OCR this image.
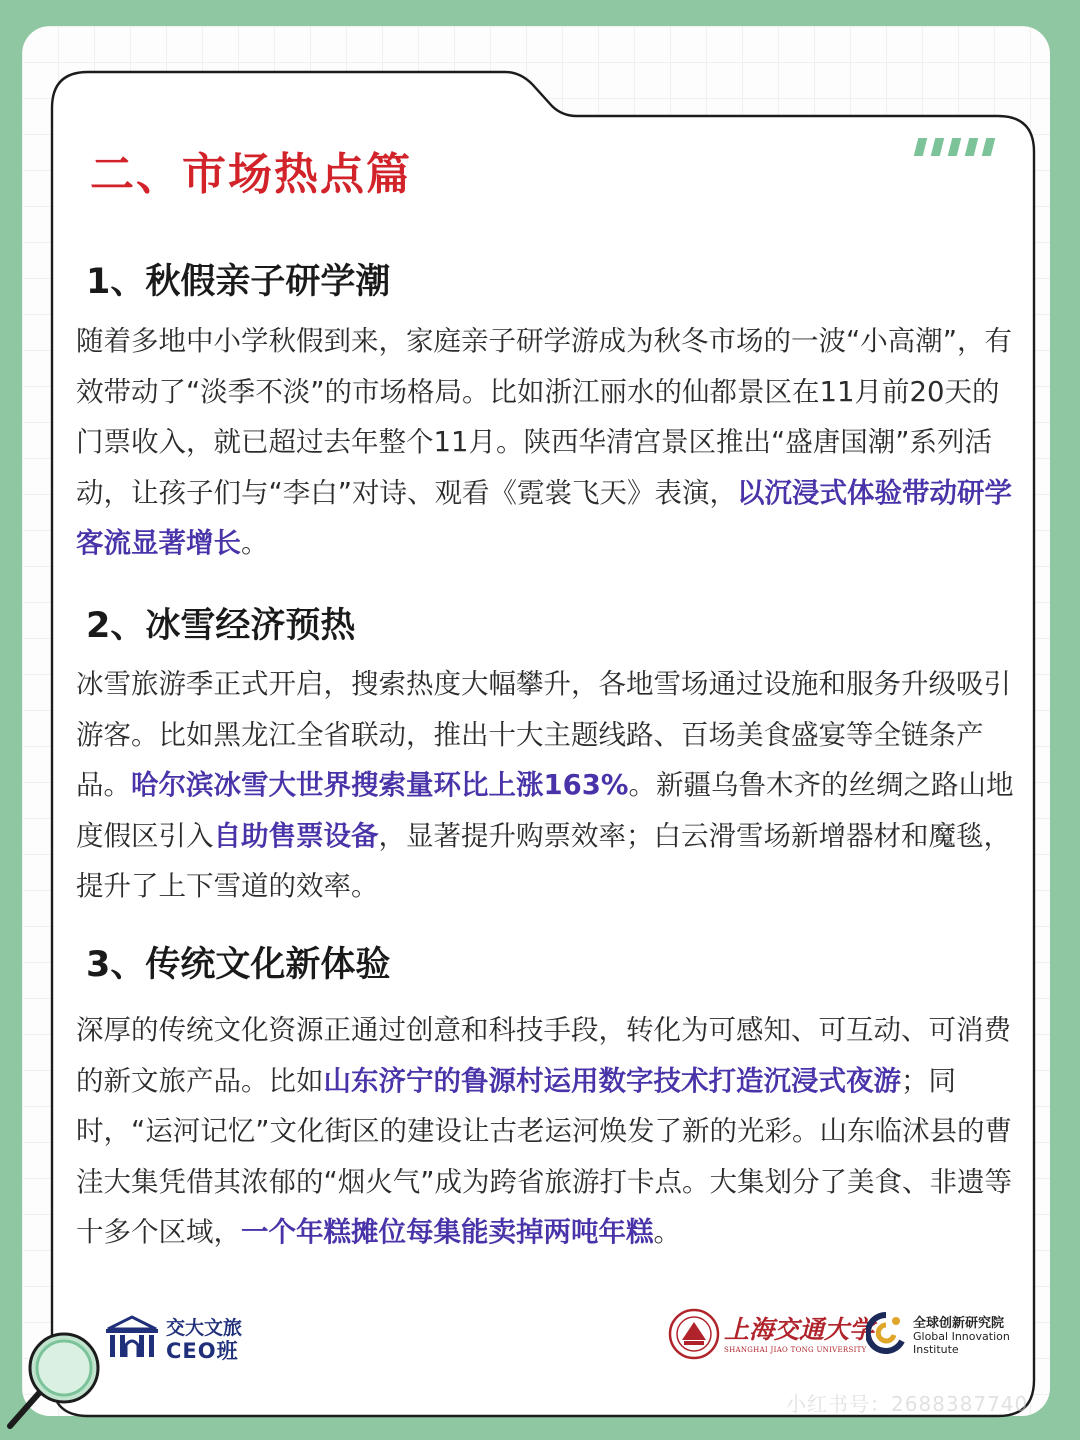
二、市场热点篇
1、秋假亲子研学潮

随着多地中小学秋假到来，家庭亲子研学游成为秋冬市场的一波“小高潮”，有效带动了“淡季不淡”的市场格局。比如浙江丽水的仙都景区在11月前20天的门票收入，就已超过去年整个11月。陕西华清宫景区推出“盛唐国潮”系列活动，让孩子们与“李白”对诗、观看《霓裳飞天》表演，以沉浸式体验带动研学客流显著增长。

2、冰雪经济预热

冰雪旅游季正式开启，搜索热度大幅攀升，各地雪场通过设施和服务升级吸引游客。比如黑龙江全省联动，推出十大主题线路、百场美食盛宴等全链条产品。哈尔滨冰雪大世界搜索量环比上涨163%。新疆乌鲁木齐的丝绸之路山地度假区引入自助售票设备，显著提升购票效率；白云滑雪场新增器材和魔毯，提升了上下雪道的效率。

3、传统文化新体验

深厚的传统文化资源正通过创意和科技手段，转化为可感知、可互动、可消费的新文旅产品。比如山东济宁的鲁源村运用数字技术打造沉浸式夜游；同时，“运河记忆”文化街区的建设让古老运河焕发了新的光彩。山东临沭县的曹洼大集凭借其浓郁的“烟火气”成为跨省旅游打卡点。大集划分了美食、非遗等十多个区域，一个年糕摊位每集能卖掉两吨年糕。

交大文旅
CEO班
上海交通大学
SHANGHAI JIAO TONG UNIVERSITY
全球创新研究院
Global Innovation
Institute
小红书号：2688387740
